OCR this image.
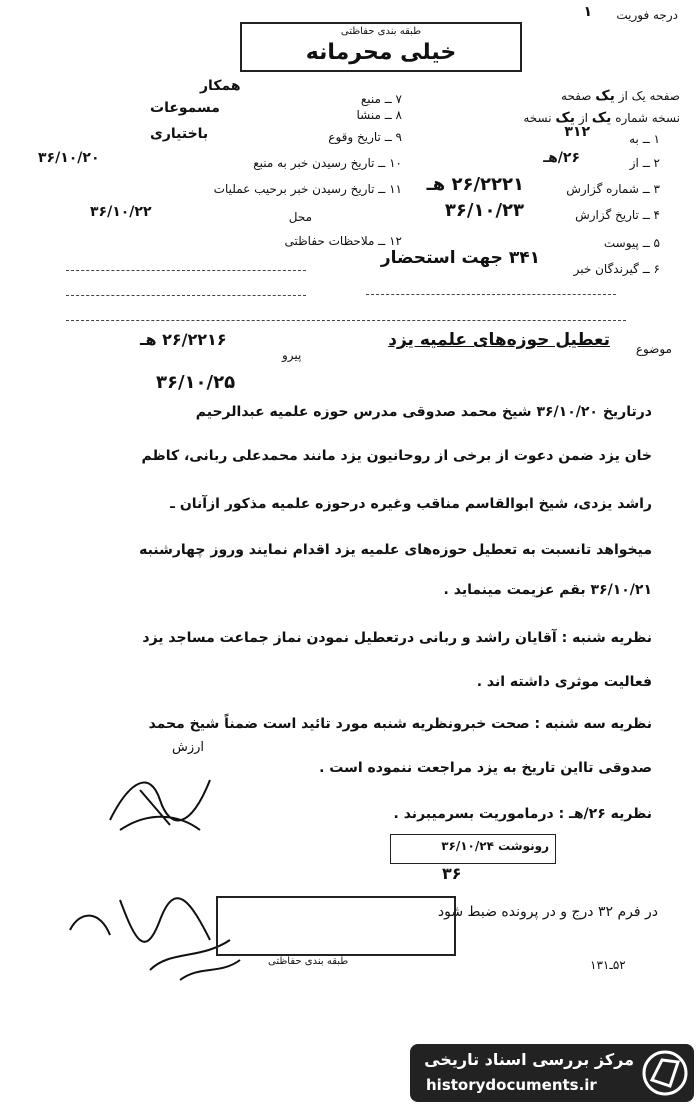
درجه فوریت
١
طبقه بندی حفاظتی
خیلی محرمانه
صفحه یک از یک صفحه
نسخه شماره یک از یک نسخه
۷ ــ منبع
همکار
۸ ــ منشا
مسموعات
۹ ــ تاریخ وقوع
باختیاری
۱۰ ــ تاریخ رسیدن خبر به منبع
۳۶/۱۰/۲۰
۱۱ ــ تاریخ رسیدن خبر برحیب عملیات
محل
۳۶/۱۰/۲۲
۱۲ ــ ملاحظات حفاظتی
۱ ــ به
۳۱۲
۲ ــ از
۲۶/هـ
۳ ــ شماره گزارش
۲۶/۲۲۲۱ هـ
۴ ــ تاریخ گزارش
۳۶/۱۰/۲۳
۵ ــ پیوست
۶ ــ گیرندگان خبر
۳۴۱ جهت استحضار
موضوع
تعطیل حوزه‌های علمیه یزد
۲۶/۲۲۱۶ هـ
پیرو
۳۶/۱۰/۲۵
درتاریخ ۳۶/۱۰/۲۰ شیخ محمد صدوقی مدرس حوزه علمیه عبدالرحیم
خان یزد ضمن دعوت از برخی از روحانیون یزد مانند محمدعلی ربانی، کاظم
راشد یزدی، شیخ ابوالقاسم مناقب وغیره درحوزه علمیه مذکور ازآنان ـ
میخواهد تانسبت به تعطیل حوزه‌های علمیه یزد اقدام نمایند وروز چهارشنبه
۳۶/۱۰/۲۱ بقم عزیمت مینماید .
نظریه شنبه : آقایان راشد و ربانی درتعطیل نمودن نماز جماعت مساجد یزد
فعالیت موثری داشته اند .
نظریه سه شنبه : صحت خبرونظریه شنبه مورد تائید است ضمناً شیخ محمد
صدوقی تااین تاریخ به یزد مراجعت ننموده است .
نظریه ۲۶/هـ : درماموریت بسرمیبرند .
ارزش
رونوشت ۳۶/۱۰/۲۴
۳۶
در فرم ۳۲ درج و در پرونده ضبط شود
طبقه بندی حفاظتی	۵۲ـ۱۳۱
مرکز بررسی اسناد تاریخی
historydocuments.ir
